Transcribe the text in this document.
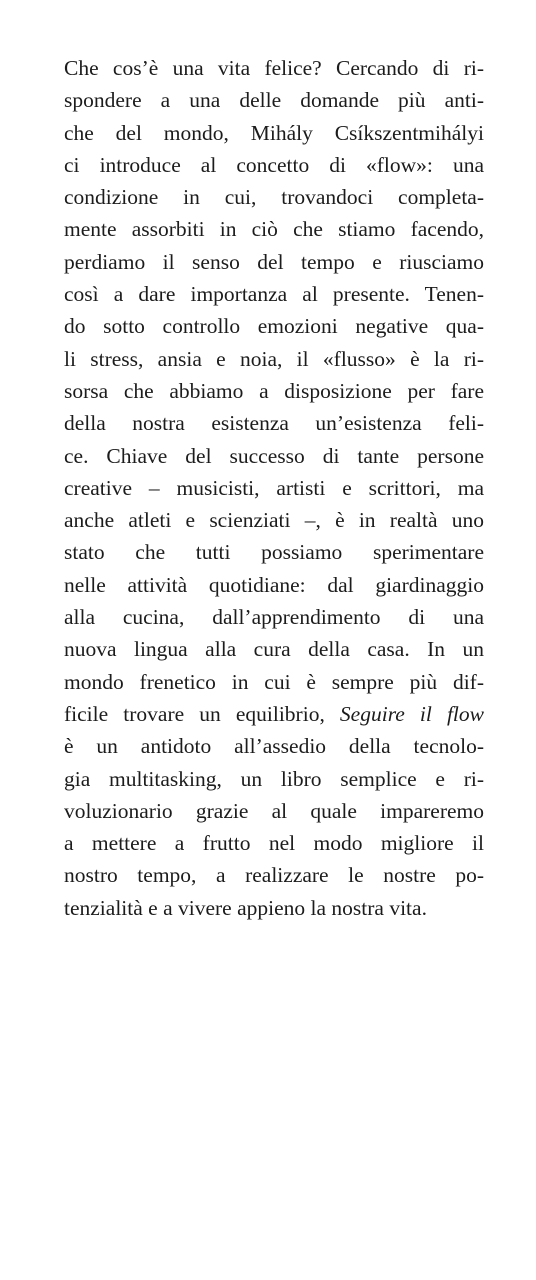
Che cos’è una vita felice? Cercando di ri-
spondere a una delle domande più anti-
che del mondo, Mihály Csíkszentmihályi
ci introduce al concetto di «flow»: una
condizione in cui, trovandoci completa-
mente assorbiti in ciò che stiamo facendo,
perdiamo il senso del tempo e riusciamo
così a dare importanza al presente. Tenen-
do sotto controllo emozioni negative qua-
li stress, ansia e noia, il «flusso» è la ri-
sorsa che abbiamo a disposizione per fare
della nostra esistenza un’esistenza feli-
ce. Chiave del successo di tante persone
creative – musicisti, artisti e scrittori, ma
anche atleti e scienziati –, è in realtà uno
stato che tutti possiamo sperimentare
nelle attività quotidiane: dal giardinaggio
alla cucina, dall’apprendimento di una
nuova lingua alla cura della casa. In un
mondo frenetico in cui è sempre più dif-
ficile trovare un equilibrio, Seguire il flow
è un antidoto all’assedio della tecnolo-
gia multitasking, un libro semplice e ri-
voluzionario grazie al quale impareremo
a mettere a frutto nel modo migliore il
nostro tempo, a realizzare le nostre po-
tenzialità e a vivere appieno la nostra vita.
